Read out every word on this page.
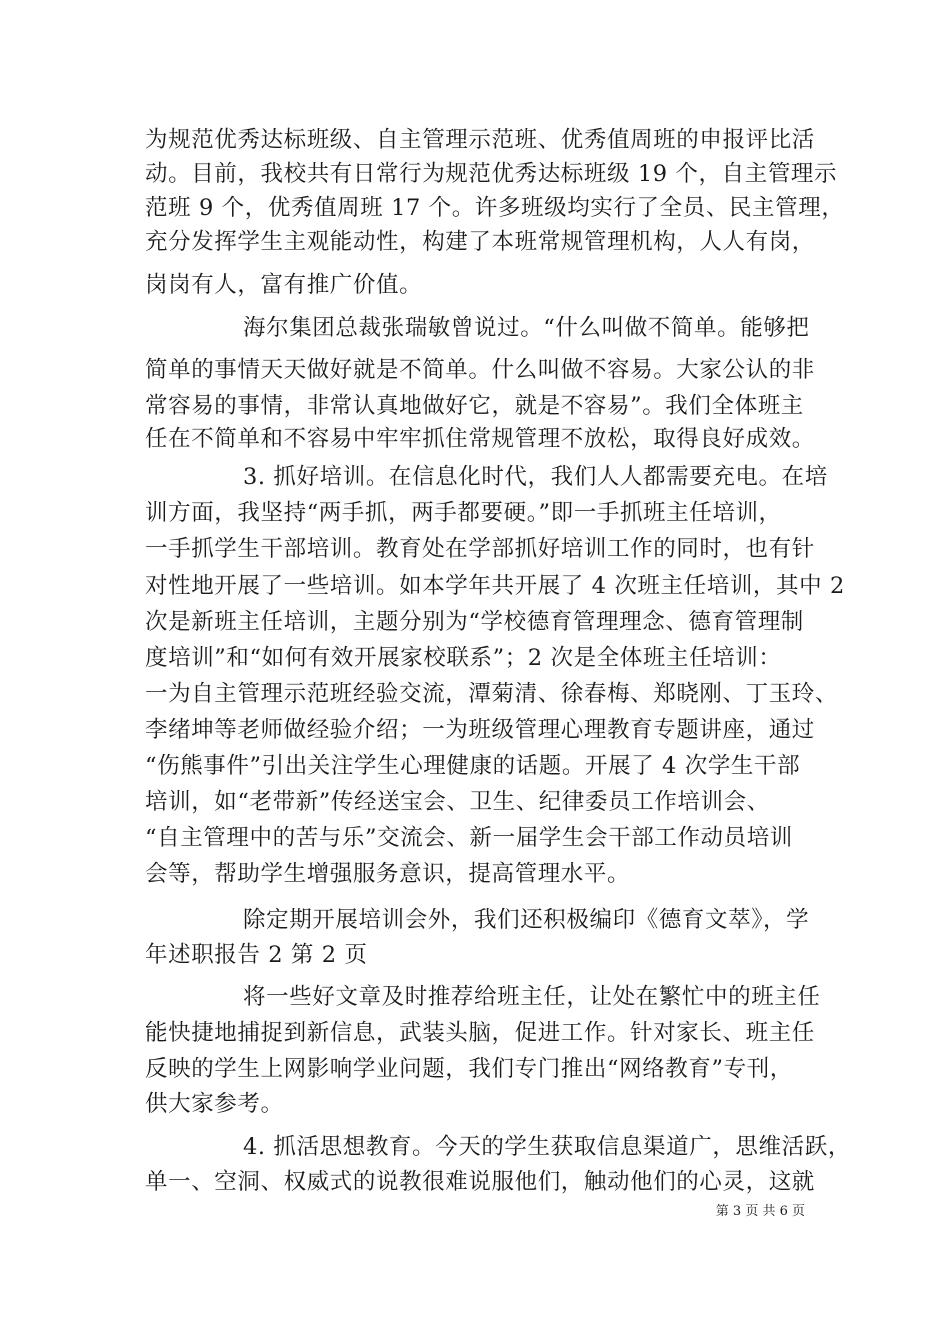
为规范优秀达标班级、自主管理示范班、优秀值周班的申报评比活
动。目前，我校共有日常行为规范优秀达标班级 19 个，自主管理示
范班 9 个，优秀值周班 17 个。许多班级均实行了全员、民主管理，
充分发挥学生主观能动性，构建了本班常规管理机构，人人有岗，
岗岗有人，富有推广价值。
海尔集团总裁张瑞敏曾说过。“什么叫做不简单。能够把
简单的事情天天做好就是不简单。什么叫做不容易。大家公认的非
常容易的事情，非常认真地做好它，就是不容易”。我们全体班主
任在不简单和不容易中牢牢抓住常规管理不放松，取得良好成效。
3. 抓好培训。在信息化时代，我们人人都需要充电。在培
训方面，我坚持“两手抓，两手都要硬。”即一手抓班主任培训，
一手抓学生干部培训。教育处在学部抓好培训工作的同时，也有针
对性地开展了一些培训。如本学年共开展了 4 次班主任培训，其中 2
次是新班主任培训，主题分别为“学校德育管理理念、德育管理制
度培训”和“如何有效开展家校联系”；2 次是全体班主任培训：
一为自主管理示范班经验交流，潭菊清、徐春梅、郑晓刚、丁玉玲、
李绪坤等老师做经验介绍；一为班级管理心理教育专题讲座，通过
“伤熊事件”引出关注学生心理健康的话题。开展了 4 次学生干部
培训，如“老带新”传经送宝会、卫生、纪律委员工作培训会、
“自主管理中的苦与乐”交流会、新一届学生会干部工作动员培训
会等，帮助学生增强服务意识，提高管理水平。
除定期开展培训会外，我们还积极编印《德育文萃》，学
年述职报告 2 第 2 页
将一些好文章及时推荐给班主任，让处在繁忙中的班主任
能快捷地捕捉到新信息，武装头脑，促进工作。针对家长、班主任
反映的学生上网影响学业问题，我们专门推出“网络教育”专刊，
供大家参考。
4. 抓活思想教育。今天的学生获取信息渠道广，思维活跃，
单一、空洞、权威式的说教很难说服他们，触动他们的心灵，这就
第 3 页 共 6 页
